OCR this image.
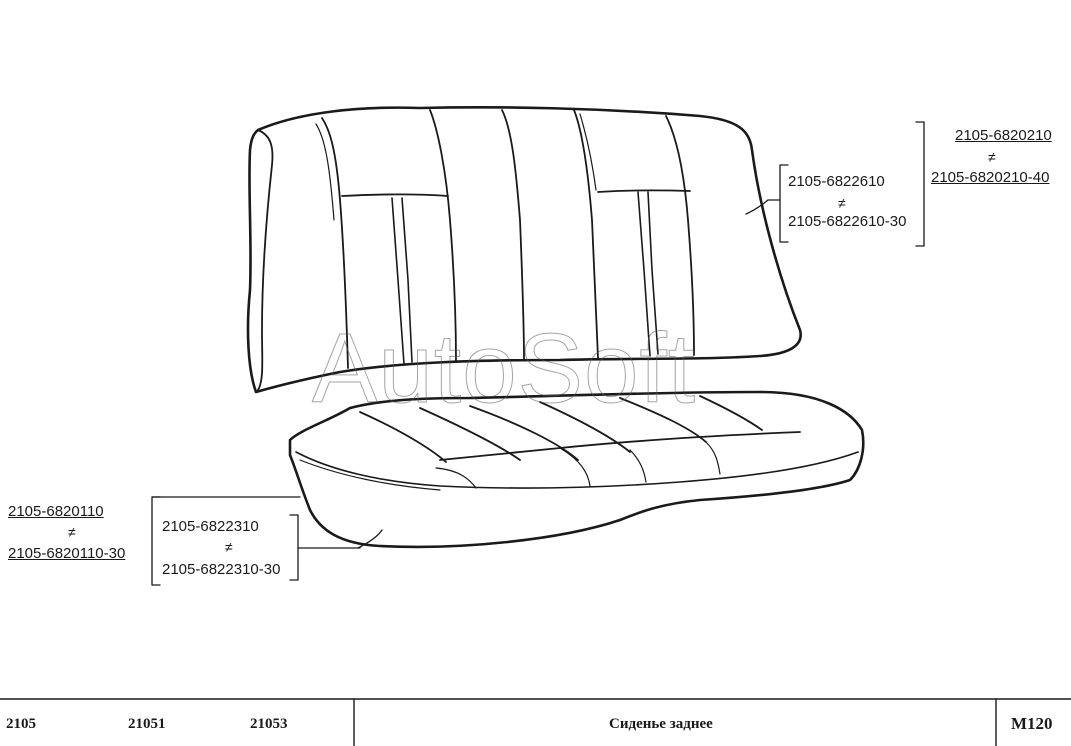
AutoSoft
2105-6820210
≠
2105-6820210-40
2105-6822610
≠
2105-6822610-30
2105-6820110
≠
2105-6820110-30
2105-6822310
≠
2105-6822310-30
2105	21051	21053	Сиденье заднее	M120
